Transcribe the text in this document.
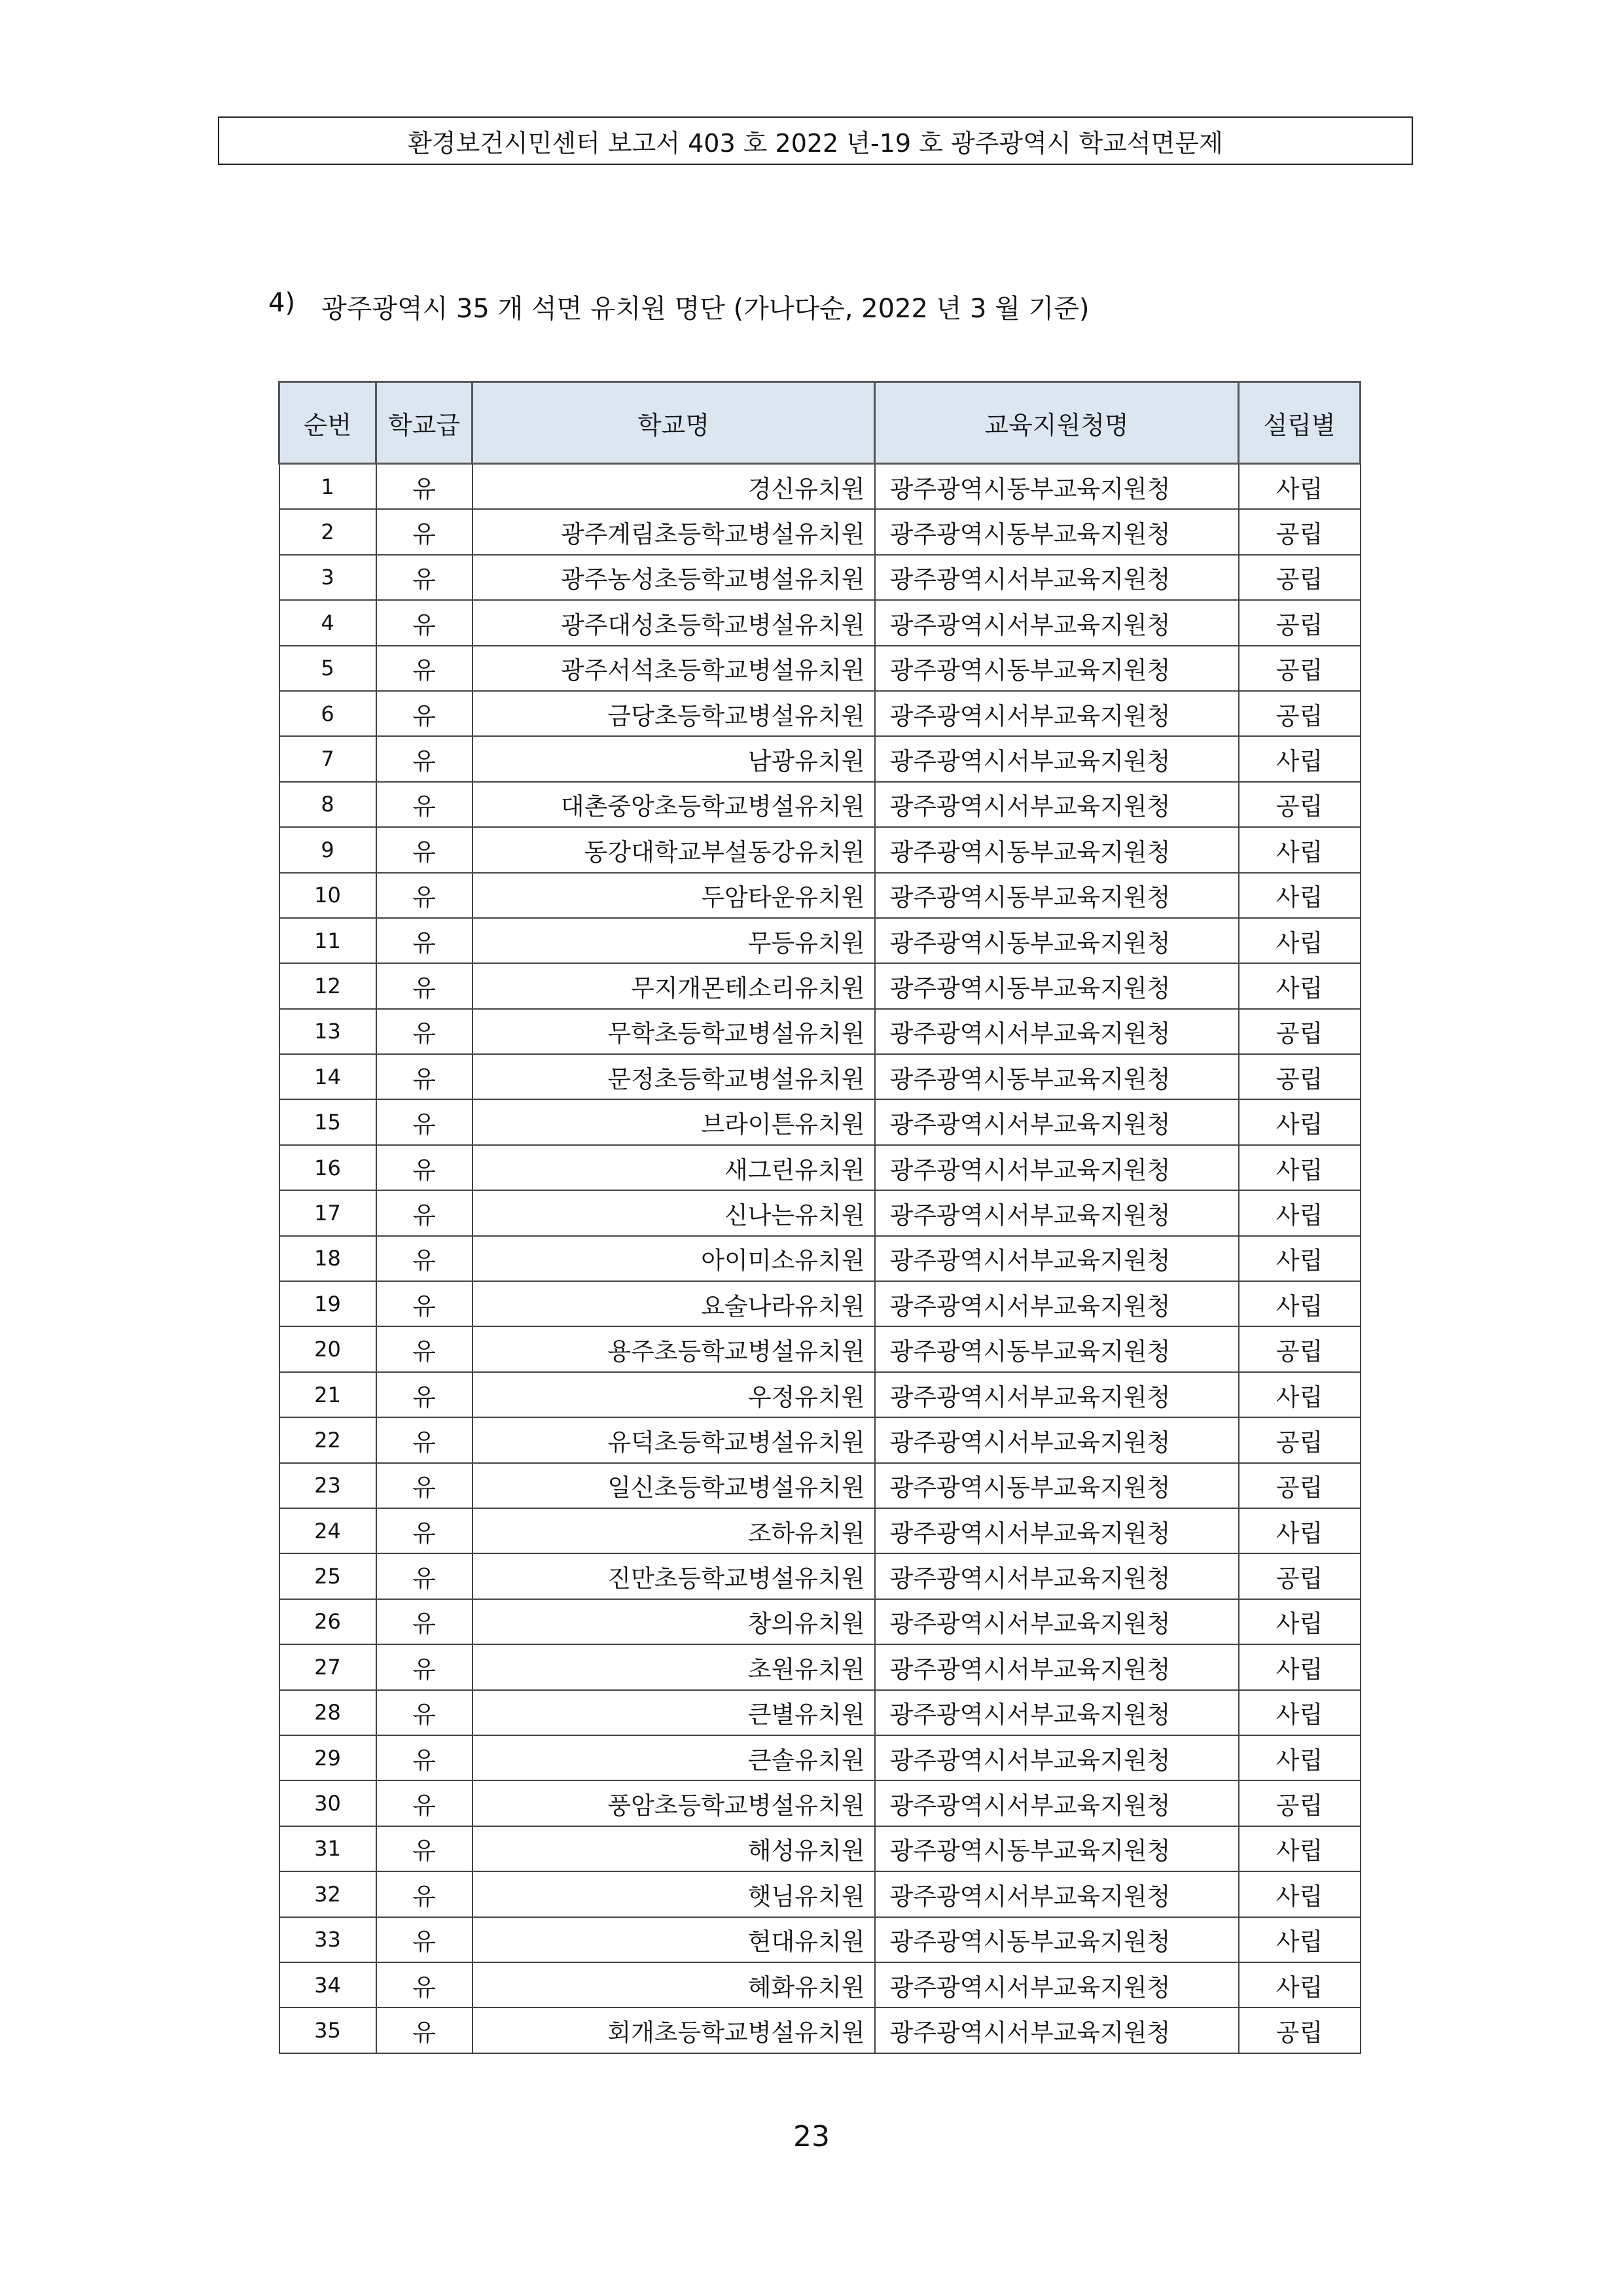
환경보건시민센터 보고서 403 호 2022 년-19 호 광주광역시 학교석면문제
4) 광주광역시 35 개 석면 유치원 명단 (가나다순, 2022 년 3 월 기준)
순번	학교급	학교명	교육지원청명	설립별
1	유	경신유치원	광주광역시동부교육지원청	사립
2	유	광주계림초등학교병설유치원	광주광역시동부교육지원청	공립
3	유	광주농성초등학교병설유치원	광주광역시서부교육지원청	공립
4	유	광주대성초등학교병설유치원	광주광역시서부교육지원청	공립
5	유	광주서석초등학교병설유치원	광주광역시동부교육지원청	공립
6	유	금당초등학교병설유치원	광주광역시서부교육지원청	공립
7	유	남광유치원	광주광역시서부교육지원청	사립
8	유	대촌중앙초등학교병설유치원	광주광역시서부교육지원청	공립
9	유	동강대학교부설동강유치원	광주광역시동부교육지원청	사립
10	유	두암타운유치원	광주광역시동부교육지원청	사립
11	유	무등유치원	광주광역시동부교육지원청	사립
12	유	무지개몬테소리유치원	광주광역시동부교육지원청	사립
13	유	무학초등학교병설유치원	광주광역시서부교육지원청	공립
14	유	문정초등학교병설유치원	광주광역시동부교육지원청	공립
15	유	브라이튼유치원	광주광역시서부교육지원청	사립
16	유	새그린유치원	광주광역시서부교육지원청	사립
17	유	신나는유치원	광주광역시서부교육지원청	사립
18	유	아이미소유치원	광주광역시서부교육지원청	사립
19	유	요술나라유치원	광주광역시서부교육지원청	사립
20	유	용주초등학교병설유치원	광주광역시동부교육지원청	공립
21	유	우정유치원	광주광역시서부교육지원청	사립
22	유	유덕초등학교병설유치원	광주광역시서부교육지원청	공립
23	유	일신초등학교병설유치원	광주광역시동부교육지원청	공립
24	유	조하유치원	광주광역시서부교육지원청	사립
25	유	진만초등학교병설유치원	광주광역시서부교육지원청	공립
26	유	창의유치원	광주광역시서부교육지원청	사립
27	유	초원유치원	광주광역시서부교육지원청	사립
28	유	큰별유치원	광주광역시서부교육지원청	사립
29	유	큰솔유치원	광주광역시서부교육지원청	사립
30	유	풍암초등학교병설유치원	광주광역시서부교육지원청	공립
31	유	해성유치원	광주광역시동부교육지원청	사립
32	유	햇님유치원	광주광역시서부교육지원청	사립
33	유	현대유치원	광주광역시동부교육지원청	사립
34	유	혜화유치원	광주광역시서부교육지원청	사립
35	유	회개초등학교병설유치원	광주광역시서부교육지원청	공립
23
